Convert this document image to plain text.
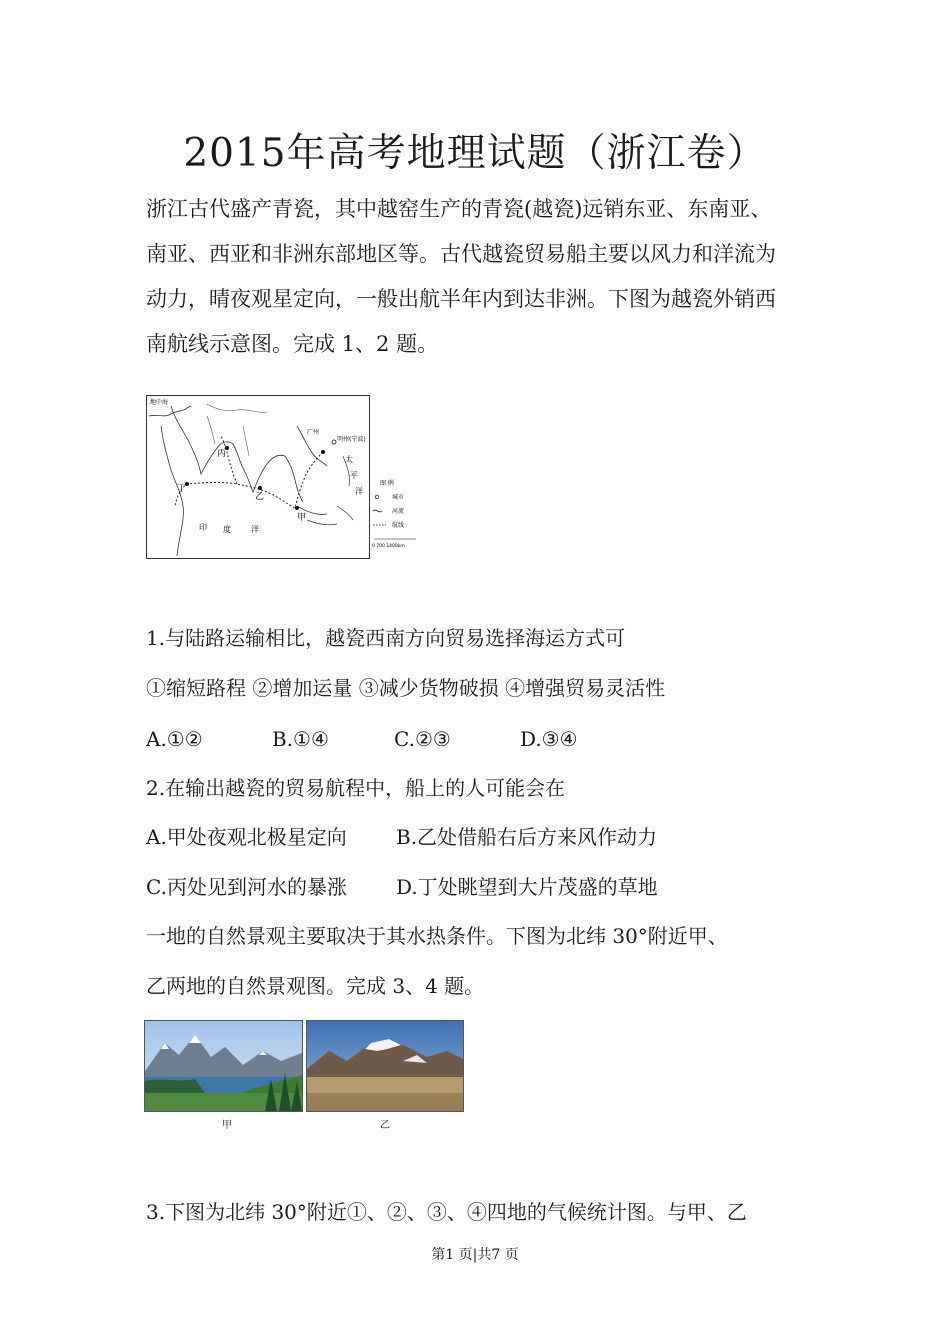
2015年高考地理试题（浙江卷）
浙江古代盛产青瓷，其中越窑生产的青瓷(越瓷)远销东亚、东南亚、
南亚、西亚和非洲东部地区等。古代越瓷贸易船主要以风力和洋流为
动力，晴夜观星定向，一般出航半年内到达非洲。下图为越瓷外销西
南航线示意图。完成 1、2 题。
地中海
广州
明州(宁波)
丙
乙
丁
甲
太
平
洋
印 度	洋
图 例
城市
河流
航线
0 700 1400km
1.与陆路运输相比，越瓷西南方向贸易选择海运方式可
①缩短路程 ②增加运量 ③减少货物破损 ④增强贸易灵活性
A.①②	B.①④	C.②③	D.③④
2.在输出越瓷的贸易航程中，船上的人可能会在
A.甲处夜观北极星定向 B.乙处借船右后方来风作动力
C.丙处见到河水的暴涨 D.丁处眺望到大片茂盛的草地
一地的自然景观主要取决于其水热条件。下图为北纬 30°附近甲、
乙两地的自然景观图。完成 3、4 题。
甲	乙
3.下图为北纬 30°附近①、②、③、④四地的气候统计图。与甲、乙
第1 页|共7 页
